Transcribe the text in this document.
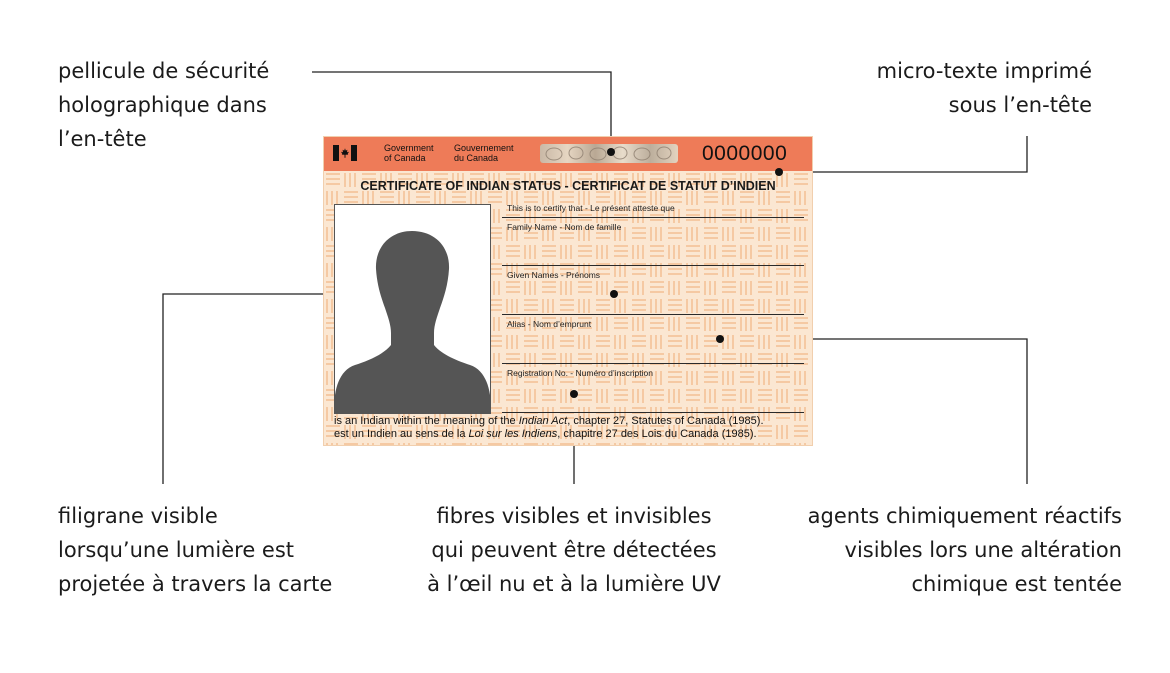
pellicule de sécurité
holographique dans
l’en-tête
micro-texte imprimé
sous l’en-tête
filigrane visible
lorsqu’une lumière est
projetée à travers la carte
fibres visibles et invisibles
qui peuvent être détectées
à l’œil nu et à la lumière UV
agents chimiquement réactifs
visibles lors une altération
chimique est tentée
Government
of Canada
Gouvernement
du Canada	0000000
CERTIFICATE OF INDIAN STATUS - CERTIFICAT DE STATUT D’INDIEN
This is to certify that - Le présent atteste que
Family Name - Nom de famille
Given Names - Prénoms
Alias - Nom d’emprunt
Registration No. - Numéro d’inscription
is an Indian within the meaning of the Indian Act, chapter 27, Statutes of Canada (1985).
est un Indien au sens de la Loi sur les Indiens, chapitre 27 des Lois du Canada (1985).
